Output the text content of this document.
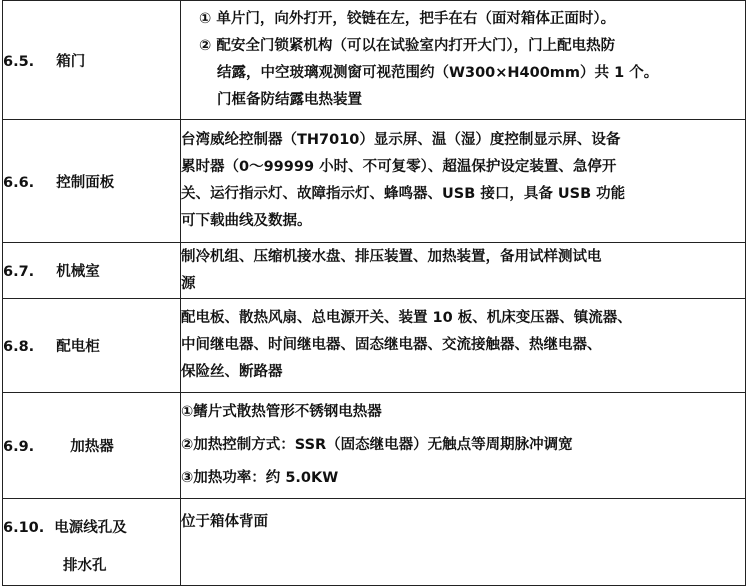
6.5. 箱门	① 单片门，向外打开，铰链在左，把手在右（面对箱体正面时）。
② 配安全门锁紧机构（可以在试验室内打开大门），门上配电热防
结露，中空玻璃观测窗可视范围约（W300×H400mm）共 1 个。
门框备防结露电热装置

6.6. 控制面板	台湾威纶控制器（TH7010）显示屏、温（湿）度控制显示屏、设备
累时器（0～99999 小时、不可复零）、超温保护设定装置、急停开
关、运行指示灯、故障指示灯、蜂鸣器、USB 接口，具备 USB 功能
可下载曲线及数据。

6.7. 机械室	制冷机组、压缩机接水盘、排压装置、加热装置，备用试样测试电
源

6.8. 配电柜	配电板、散热风扇、总电源开关、装置 10 板、机床变压器、镇流器、
中间继电器、时间继电器、固态继电器、交流接触器、热继电器、
保险丝、断路器

6.9. 加热器	①鳍片式散热管形不锈钢电热器
②加热控制方式：SSR（固态继电器）无触点等周期脉冲调宽
③加热功率：约 5.0KW

6.10. 电源线孔及
排水孔	位于箱体背面
